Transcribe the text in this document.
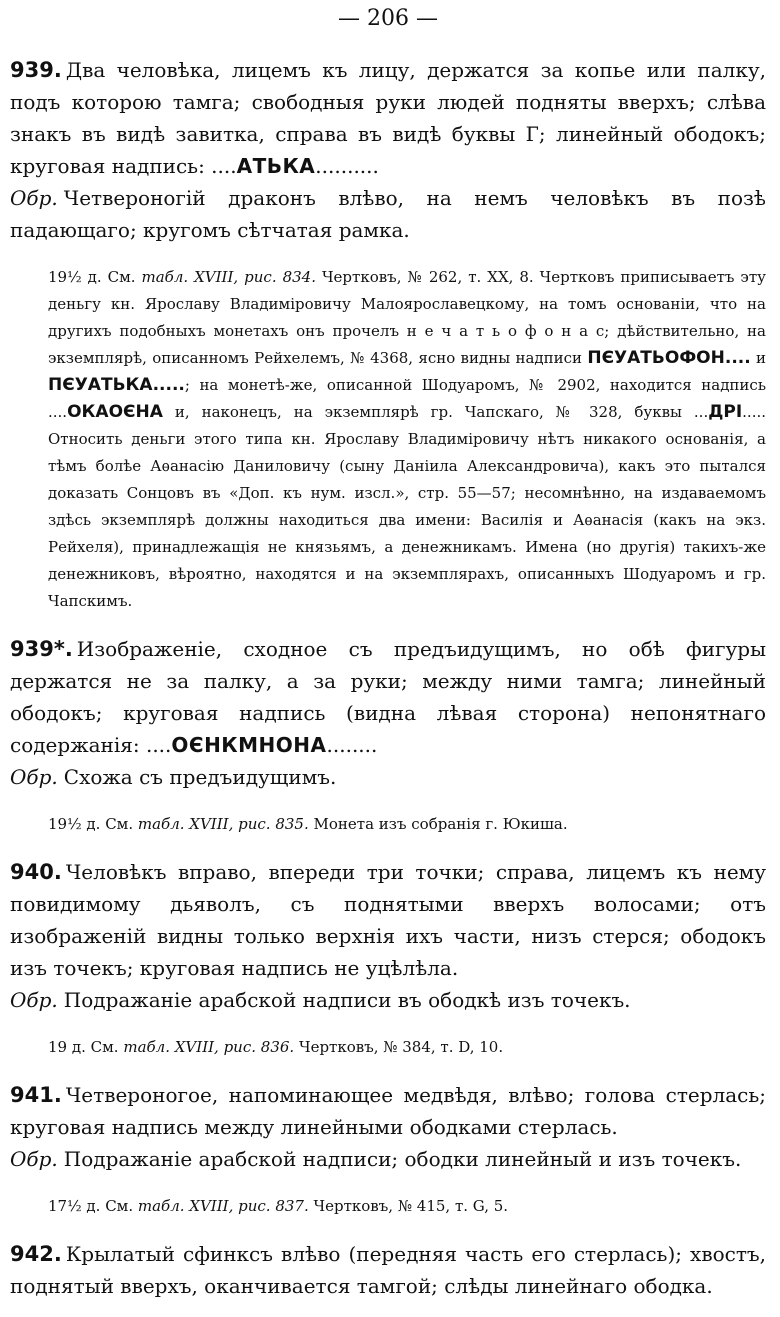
— 206 —

939. Два человѣка, лицемъ къ лицу, держатся за копье или палку, подъ которою тамга; свободныя руки людей подняты вверхъ; слѣва знакъ въ видѣ завитка, справа въ видѣ буквы Г; линейный ободокъ; круговая надпись: ....АТЬКА..........

Обр. Четвероногій драконъ влѣво, на немъ человѣкъ въ позѣ падающаго; кругомъ сѣтчатая рамка.

19½ д. См. табл. XVIII, рис. 834. Чертковъ, № 262, т. XX, 8. Чертковъ приписываетъ эту деньгу кн. Ярославу Владиміровичу Малоярославецкому, на томъ основаніи, что на другихъ подобныхъ монетахъ онъ прочелъ н е ч а т ь о ф о н а с; дѣйствительно, на экземплярѣ, описанномъ Рейхелемъ, № 4368, ясно видны надписи ПЄУАТЬОФОН.... и ПЄУАТЬКА.....; на монетѣ-же, описанной Шодуаромъ, № 2902, находится надпись ....ОКАОЄНА и, наконецъ, на экземплярѣ гр. Чапскаго, № 328, буквы ...ДРІ..... Относить деньги этого типа кн. Ярославу Владиміровичу нѣтъ никакого основанія, а тѣмъ болѣе Аѳанасію Даниловичу (сыну Даніила Александровича), какъ это пытался доказать Сонцовъ въ «Доп. къ нум. изсл.», стр. 55—57; несомнѣнно, на издаваемомъ здѣсь экземплярѣ должны находиться два имени: Василія и Аѳанасія (какъ на экз. Рейхеля), принадлежащія не князьямъ, а денежникамъ. Имена (но другія) такихъ-же денежниковъ, вѣроятно, находятся и на экземплярахъ, описанныхъ Шодуаромъ и гр. Чапскимъ.

939*. Изображеніе, сходное съ предъидущимъ, но обѣ фигуры держатся не за палку, а за руки; между ними тамга; линейный ободокъ; круговая надпись (видна лѣвая сторона) непонятнаго содержанія: ....ОЄНКМНОНА........

Обр. Схожа съ предъидущимъ.

19½ д. См. табл. XVIII, рис. 835. Монета изъ собранія г. Юкиша.

940. Человѣкъ вправо, впереди три точки; справа, лицемъ къ нему повидимому дьяволъ, съ поднятыми вверхъ волосами; отъ изображеній видны только верхнія ихъ части, низъ стерся; ободокъ изъ точекъ; круговая надпись не уцѣлѣла.

Обр. Подражаніе арабской надписи въ ободкѣ изъ точекъ.

19 д. См. табл. XVIII, рис. 836. Чертковъ, № 384, т. D, 10.

941. Четвероногое, напоминающее медвѣдя, влѣво; голова стерлась; круговая надпись между линейными ободками стерлась.

Обр. Подражаніе арабской надписи; ободки линейный и изъ точекъ.

17½ д. См. табл. XVIII, рис. 837. Чертковъ, № 415, т. G, 5.

942. Крылатый сфинксъ влѣво (передняя часть его стерлась); хвостъ, поднятый вверхъ, оканчивается тамгой; слѣды линейнаго ободка.
